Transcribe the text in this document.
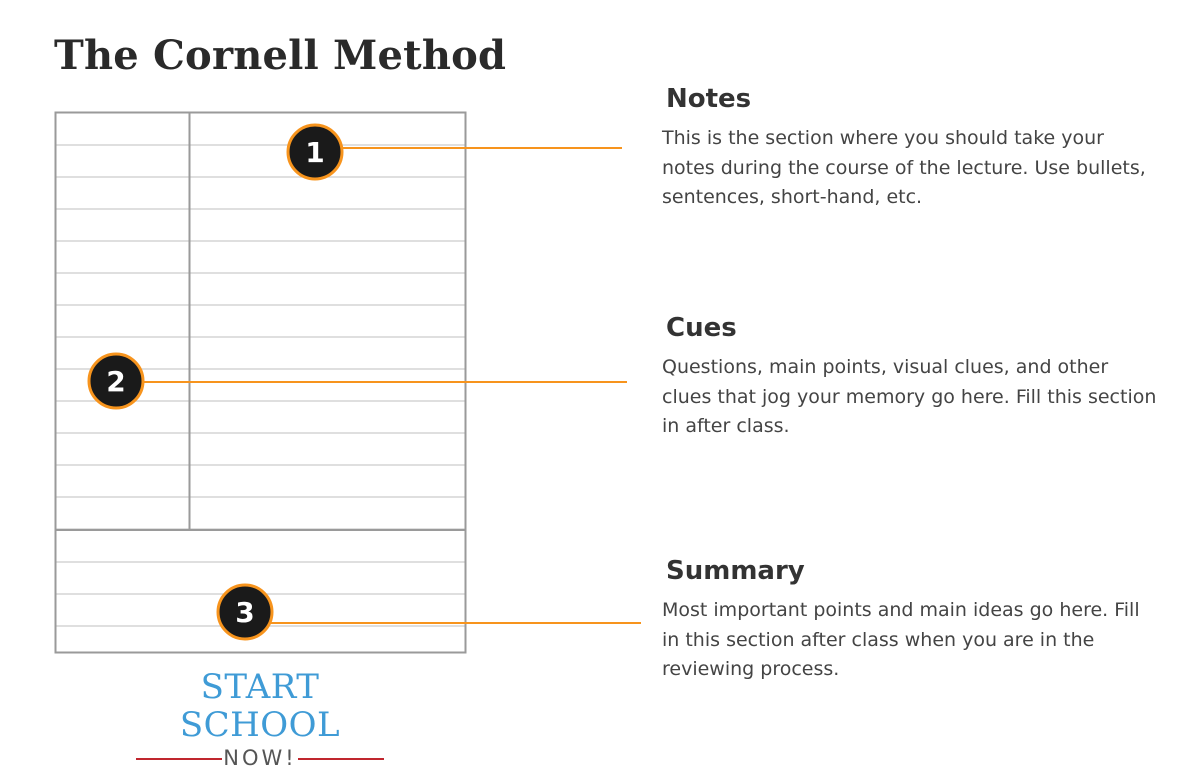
The Cornell Method
1
2
3
Notes

This is the section where you should take your notes during the course of the lecture. Use bullets, sentences, short-hand, etc.

Cues

Questions, main points, visual clues, and other clues that jog your memory go here. Fill this section in after class.

Summary

Most important points and main ideas go here. Fill in this section after class when you are in the reviewing process.

START SCHOOL
NOW!
